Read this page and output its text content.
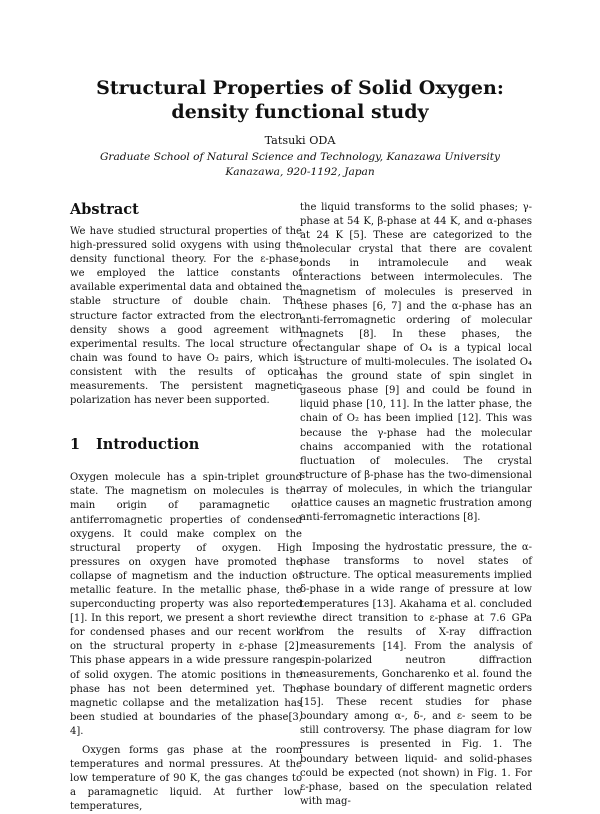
Structural Properties of Solid Oxygen:
density functional study
Tatsuki ODA
Graduate School of Natural Science and Technology, Kanazawa University
Kanazawa, 920-1192, Japan
Abstract

We have studied structural properties of the high-pressured solid oxygens with using the density functional theory. For the ε-phase, we employed the lattice constants of available experimental data and obtained the stable structure of double chain. The structure factor extracted from the electron density shows a good agreement with experimental results. The local structure of chain was found to have O₂ pairs, which is consistent with the results of optical measurements. The persistent magnetic polarization has never been supported.

1 Introduction

Oxygen molecule has a spin-triplet ground state. The magnetism on molecules is the main origin of paramagnetic or antiferromagnetic properties of condensed oxygens. It could make complex on the structural property of oxygen. High pressures on oxygen have promoted the collapse of magnetism and the induction of metallic feature. In the metallic phase, the superconducting property was also reported [1]. In this report, we present a short review for condensed phases and our recent work on the structural property in ε-phase [2]. This phase appears in a wide pressure range of solid oxygen. The atomic positions in the phase has not been determined yet. The magnetic collapse and the metalization has been studied at boundaries of the phase[3, 4].

Oxygen forms gas phase at the room temperatures and normal pressures. At the low temperature of 90 K, the gas changes to a paramagnetic liquid. At further low temperatures,

the liquid transforms to the solid phases; γ- phase at 54 K, β-phase at 44 K, and α-phases at 24 K [5]. These are categorized to the molecular crystal that there are covalent bonds in intramolecule and weak interactions between intermolecules. The magnetism of molecules is preserved in these phases [6, 7] and the α-phase has an anti-ferromagnetic ordering of molecular magnets [8]. In these phases, the rectangular shape of O₄ is a typical local structure of multi-molecules. The isolated O₄ has the ground state of spin singlet in gaseous phase [9] and could be found in liquid phase [10, 11]. In the latter phase, the chain of O₂ has been implied [12]. This was because the γ-phase had the molecular chains accompanied with the rotational fluctuation of molecules. The crystal structure of β-phase has the two-dimensional array of molecules, in which the triangular lattice causes an magnetic frustration among anti-ferromagnetic interactions [8].

Imposing the hydrostatic pressure, the α- phase transforms to novel states of structure. The optical measurements implied δ-phase in a wide range of pressure at low temperatures [13]. Akahama et al. concluded the direct transition to ε-phase at 7.6 GPa from the results of X-ray diffraction measurements [14]. From the analysis of spin-polarized neutron diffraction measurements, Goncharenko et al. found the phase boundary of different magnetic orders [15]. These recent studies for phase boundary among α-, δ-, and ε- seem to be still controversy. The phase diagram for low pressures is presented in Fig. 1. The boundary between liquid- and solid-phases could be expected (not shown) in Fig. 1. For ε-phase, based on the speculation related with mag-
